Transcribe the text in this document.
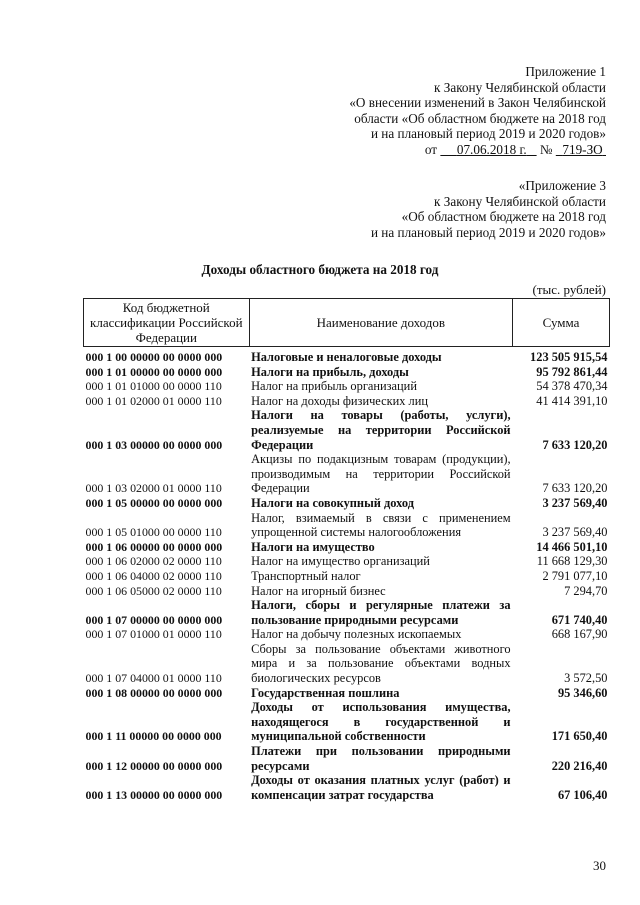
Приложение 1
к Закону Челябинской области
«О внесении изменений в Закон Челябинской
области «Об областном бюджете на 2018 год
и на плановый период 2019 и 2020 годов»
от 07.06.2018 г. № 719-ЗО
«Приложение 3
к Закону Челябинской области
«Об областном бюджете на 2018 год
и на плановый период 2019 и 2020 годов»
Доходы областного бюджета на 2018 год
(тыс. рублей)
Код бюджетной классификации Российской Федерации	Наименование доходов	Сумма
000 1 00 00000 00 0000 000	Налоговые и неналоговые доходы	123 505 915,54
000 1 01 00000 00 0000 000	Налоги на прибыль, доходы	95 792 861,44
000 1 01 01000 00 0000 110	Налог на прибыль организаций	54 378 470,34
000 1 01 02000 01 0000 110	Налог на доходы физических лиц	41 414 391,10
000 1 03 00000 00 0000 000	Налоги на товары (работы, услуги), реализуемые на территории Российской Федерации	7 633 120,20
000 1 03 02000 01 0000 110	Акцизы по подакцизным товарам (продукции), производимым на территории Российской Федерации	7 633 120,20
000 1 05 00000 00 0000 000	Налоги на совокупный доход	3 237 569,40
000 1 05 01000 00 0000 110	Налог, взимаемый в связи с применением упрощенной системы налогообложения	3 237 569,40
000 1 06 00000 00 0000 000	Налоги на имущество	14 466 501,10
000 1 06 02000 02 0000 110	Налог на имущество организаций	11 668 129,30
000 1 06 04000 02 0000 110	Транспортный налог	2 791 077,10
000 1 06 05000 02 0000 110	Налог на игорный бизнес	7 294,70
000 1 07 00000 00 0000 000	Налоги, сборы и регулярные платежи за пользование природными ресурсами	671 740,40
000 1 07 01000 01 0000 110	Налог на добычу полезных ископаемых	668 167,90
000 1 07 04000 01 0000 110	Сборы за пользование объектами животного мира и за пользование объектами водных биологических ресурсов	3 572,50
000 1 08 00000 00 0000 000	Государственная пошлина	95 346,60
000 1 11 00000 00 0000 000	Доходы от использования имущества, находящегося в государственной и муниципальной собственности	171 650,40
000 1 12 00000 00 0000 000	Платежи при пользовании природными ресурсами	220 216,40
000 1 13 00000 00 0000 000	Доходы от оказания платных услуг (работ) и компенсации затрат государства	67 106,40
30
